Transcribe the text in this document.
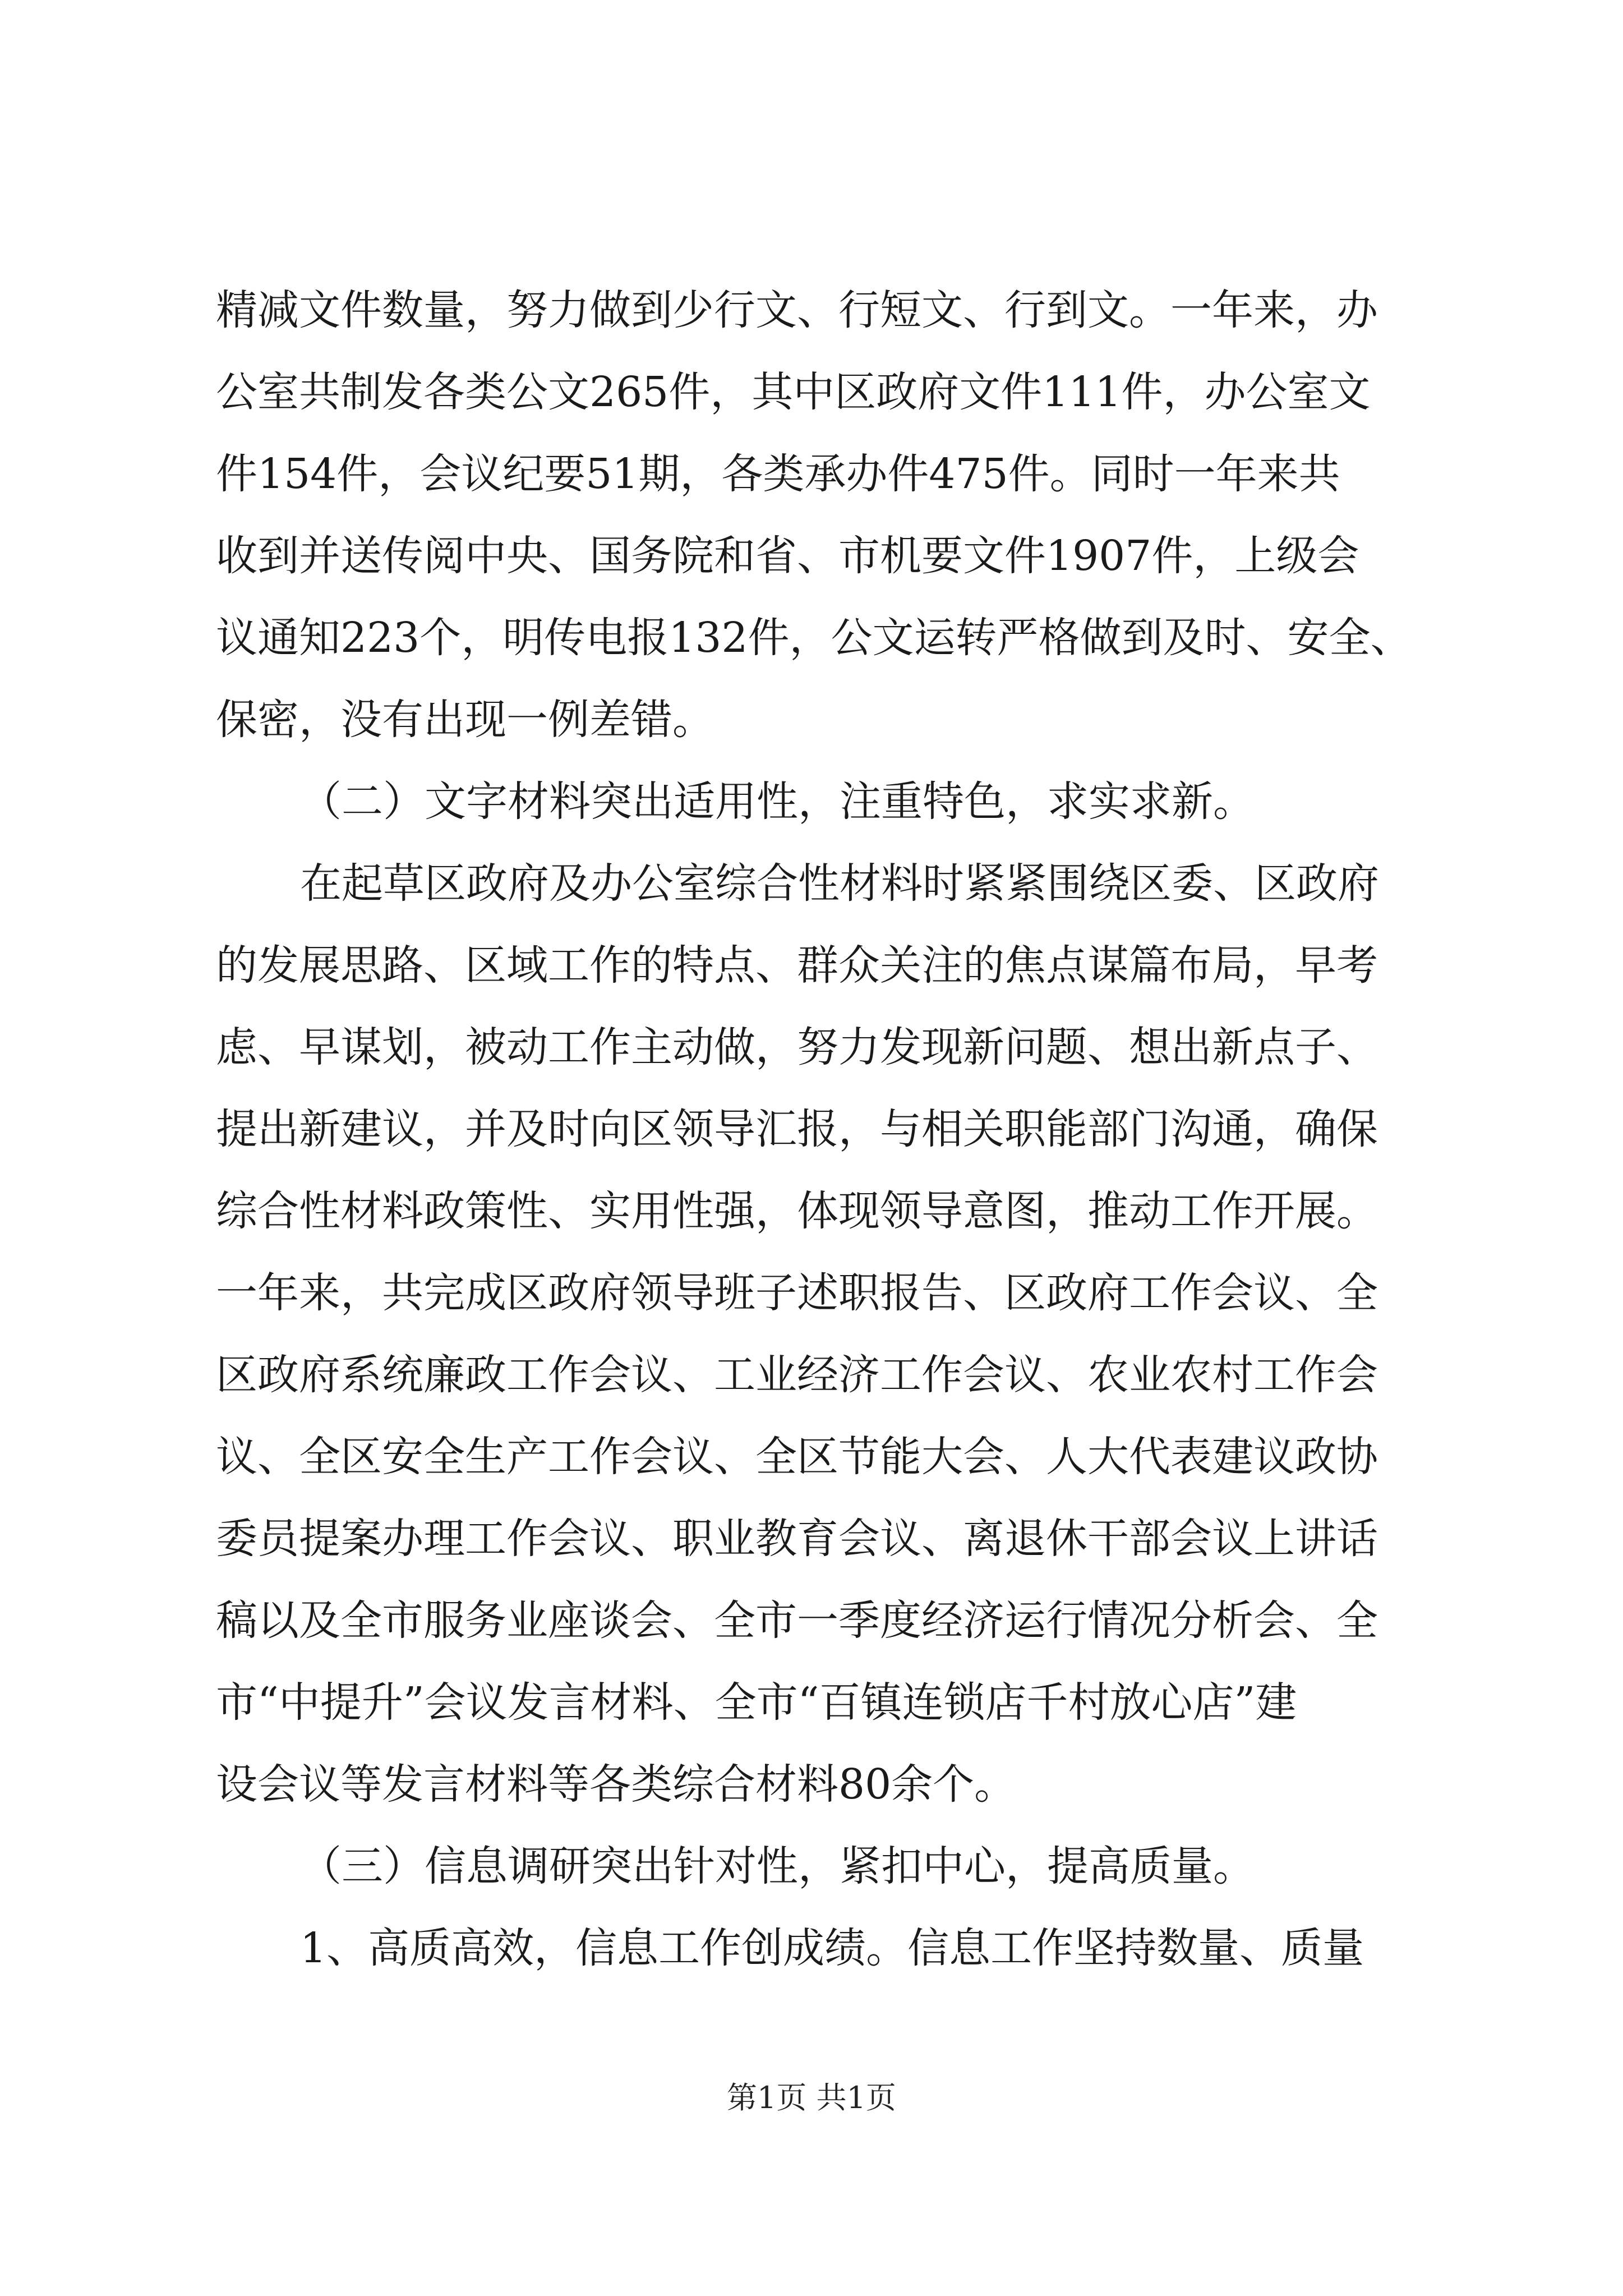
精减文件数量，努力做到少行文、行短文、行到文。一年来，办
公室共制发各类公文265件，其中区政府文件111件，办公室文
件154件，会议纪要51期，各类承办件475件。同时一年来共
收到并送传阅中央、国务院和省、市机要文件1907件，上级会
议通知223个，明传电报132件，公文运转严格做到及时、安全、
保密，没有出现一例差错。
（二）文字材料突出适用性，注重特色，求实求新。
在起草区政府及办公室综合性材料时紧紧围绕区委、区政府
的发展思路、区域工作的特点、群众关注的焦点谋篇布局，早考
虑、早谋划，被动工作主动做，努力发现新问题、想出新点子、
提出新建议，并及时向区领导汇报，与相关职能部门沟通，确保
综合性材料政策性、实用性强，体现领导意图，推动工作开展。
一年来，共完成区政府领导班子述职报告、区政府工作会议、全
区政府系统廉政工作会议、工业经济工作会议、农业农村工作会
议、全区安全生产工作会议、全区节能大会、人大代表建议政协
委员提案办理工作会议、职业教育会议、离退休干部会议上讲话
稿以及全市服务业座谈会、全市一季度经济运行情况分析会、全
市“中提升”会议发言材料、全市“百镇连锁店千村放心店”建
设会议等发言材料等各类综合材料80余个。
（三）信息调研突出针对性，紧扣中心，提高质量。
1、高质高效，信息工作创成绩。信息工作坚持数量、质量
第1页 共1页
